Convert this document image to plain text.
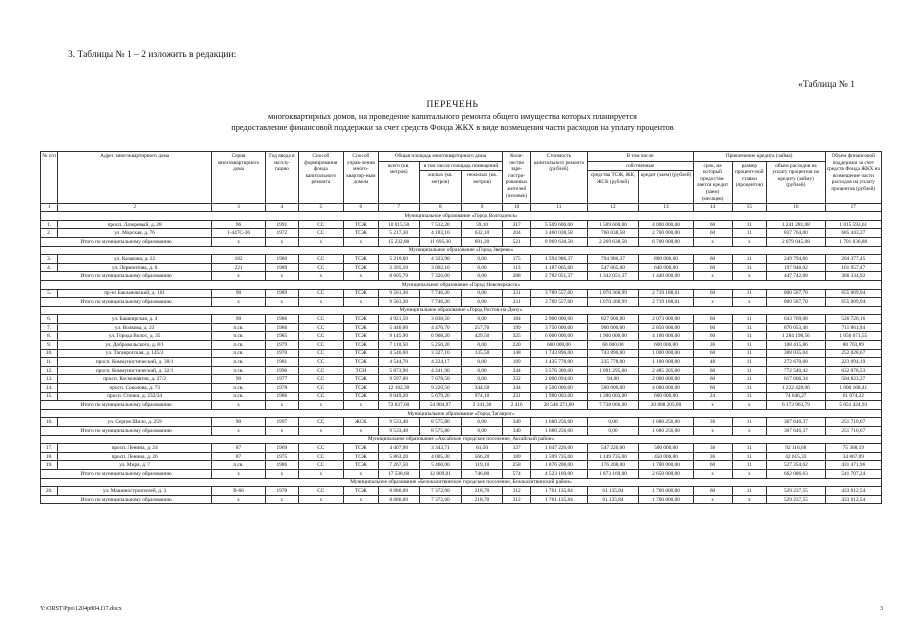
3. Таблицы № 1 – 2 изложить в редакции:
«Таблица № 1
ПЕРЕЧЕНЬ
многоквартирных домов, на проведение капитального ремонта общего имущества которых планируется
предоставление финансовой поддержки за счет средств Фонда ЖКХ в виде возмещения части расходов на уплату процентов
№ п/п	Адрес многоквартирного дома	Серия многоквартирного дома	Год ввода в эксплу-тацию	Способ формирования фонда капитального ремонта	Способ управ-ления много-квартир-ным домом	Общая площадь многоквартирного дома			Коли-чество заре-гистри-рованных жителей (человек)	Стоимость капитального ремонта (рублей)	В том числе		Привлечение кредита (займа)			Объем финансовой поддержки за счет средств Фонда ЖКХ на возмещение части расходов на уплату процентов (рублей)
						всего (кв. метров)	в том числе площадь помещений				собственные		срок, на который предостав-ляется кредит (заем) (месяцев)	размер процент-ной ставки (процентов)	объем расходов на уплату процентов по кредиту (займу) (рублей)	
							жилых (кв. метров)	нежилых (кв. метров)			средства ТСЖ, ЖК, ЖСК (рублей)	кредит (заем) (рублей)				

1	2	3	4	5	6	7	8	9	10	11	12	13	14	15	16	17
Муниципальное образование «Город Волгодонск»																
1.	просп. Лазоревый, д. 28	96	1991	СС	ТСЖ	10 015,50	7 512,20	59,10	317	5 509 600,00	1 509 600,00	4 000 000,00	60	11	1 241 281,08	1 015 593,61
2.	ул. Морская, д. 76	1-447С-36	1972	СС	ТСЖ	5 217,30	4 183,10	632,10	204	3 460 038,58	760 038,58	2 700 000,00	60	11	837 764,00	685 443,27
Итого по муниципальному образованию		х	х	х	х	15 232,80	11 695,30	691,20	521	8 969 638,58	2 269 638,58	6 700 000,00	х	х	2 079 045,08	1 701 036,88
Муниципальное образование «Город Зверево»																
3.	ул. Казакова, д. 22	182	1980	СС	ТСЖ	5 210,60	4 323,90	0,00	175	1 594 986,37	794 986,37	800 000,00	60	11	249 794,66	204 377,45
4.	ул. Лермонтова, д. 6	221	1989	СС	ТСЖ	3 395,10	3 002,10	0,00	113	1 187 065,00	547 065,00	640 000,00	60	11	197 948,02	161 957,47
Итого по муниципальному образованию		х	х	х	х	8 605,70	7 326,00	0,00	288	2 782 051,37	1 342 051,37	1 440 000,00	х	х	447 742,68	366 334,92
Муниципальное образование «Город Новочеркасск»																
5.	пр-кт Баклановский, д. 101	90	1989	СС	ТСЖ	9 561,30	7 746,20	0,00	331	3 789 557,00	1 070 368,99	2 719 188,01	60	11	800 567,70	655 009,94
Итого по муниципальному образованию		х	х	х	х	9 561,30	7 746,20	0,00	331	3 789 557,00	1 070 368,99	2 719 188,01	х	х	800 567,70	655 009,94
Муниципальное образование «Город Ростов-на-Дону»																
6.	ул. Башкирская, д. 4	90	1986	СС	ТСЖ	4 921,50	3 838,50	0,00	184	2 900 000,00	827 000,00	2 073 000,00	60	11	643 769,08	526 720,16
7.	ул. Волкова, д. 23	п.св.	1986	СС	ТСЖ	5 446,00	4 476,70	257,70	199	3 750 000,00	900 000,00	2 850 000,00	60	11	870 053,48	711 861,94
8.	ул. Города Волос, д. 35	п.св.	1985	СС	ТСЖ	9 145,90	6 968,20	429,50	325	6 000 000,00	1 900 000,00	4 100 000,00	60	11	1 284 198,56	1 050 671,55
9.	ул. Добровольского, д. 8/1	п.св.	1979	СС	ТСЖ	7 110,50	5 250,20	0,00	220	660 000,00	60 000,00	600 000,00	36	11	108 415,86	88 703,89
10.	ул. Таганрогская, д. 145/2	п.св.	1970	СС	ТСЖ	4 546,60	3 327,10	135,50	148	1 743 896,00	743 896,00	1 000 000,00	60	11	308 035,04	252 028,67
11.	просп. Коммунистический, д. 30/1	п.св.	1981	СС	ТСЖ	4 544,70	4 224,17	0,00	189	1 435 778,00	235 778,00	1 100 000,00	48	11	272 670,68	223 094,19
12.	просп. Коммунистический, д. 32/1	п.св.	1990	СС	ТСН	5 873,90	4 241,90	0,00	244	3 576 300,00	1 091 295,00	2 485 205,00	60	11	772 540,42	632 078,53
13.	просп. Космонавтов, д. 27/2	90	1977	СС	ТСЖ	9 597,00	7 678,50	0,00	332	2 000 094,00	94,00	2 000 000,00	60	11	617 006,34	504 823,37
14.	просп. Соколова, д. 73	п.св.	1978	СС	ТСЖ	12 102,30	9 220,50	344,50	344	4 500 000,00	500 000,00	4 000 000,00	60	11	1 222 428,06	1 000 168,41
15.	просп. Стачки, д. 232/34	п.св.	1986	СС	ТСЖ	9 049,20	5 679,20	974,10	231	1 980 003,00	1 380 003,00	600 000,00	24	11	74 646,27	61 074,22
Итого по муниципальному образованию		х	х	х	х	72 637,60	54 904,97	2 141,30	2 416	28 546 271,00	7 738 066,00	20 808 205,00	х	х	6 173 963,79	5 051 424,93
Муниципальное образование «Город Таганрог»																
16.	ул. Сергея Шило, д. 259	90	1997	СС	ЖСК	9 533,40	8 575,80	0,00	340	1 680 256,00	0,00	1 680 256,00	36	11	307 646,37	251 710,67
Итого по муниципальному образованию		х	х	х	х	9 533,40	8 575,80	0,00	340	1 680 256,00	0,00	1 680 256,00	х	х	307 646,37	251 710,67
Муниципальное образование «Аксайское городское поселение, Аксайский район»																
17.	просп. Ленина, д. 24	87	1969	СС	ТСЖ	4 407,90	3 343,71	61,50	127	1 047 226,00	547 226,00	500 000,00	36	11	92 116,68	75 368,19
18.	просп. Ленина, д. 26	87	1975	СС	ТСЖ	5 863,20	4 005,30	566,20	189	1 599 735,00	1 149 735,00	450 000,00	36	11	42 615,33	34 867,09
19.	ул. Мира, д. 7	п.св.	1986	СС	ТСЖ	7 267,50	5 460,00	119,10	258	1 876 208,00	176 208,00	1 700 000,00	60	11	527 354,62	431 471,96
Итого по муниципальному образованию		х	х	х	х	17 538,60	12 809,01	746,80	574	4 523 169,00	1 873 169,00	2 650 000,00	х	х	662 086,63	541 707,24
Муниципальное образование «Белокалитвинское городское поселение, Белокалитвинский район»																
20.	ул. Машиностроителей, д. 3	II-66	1978	СС	ТСЖ	8 086,00	7 372,60	218,70	312	1 761 135,84	61 135,84	1 700 000,00	60	11	529 237,55	433 012,54
Итого по муниципальному образованию		х	х	х	х	8 086,00	7 372,60	218,70	312	1 761 135,84	61 135,84	1 700 000,00	х	х	529 237,55	433 012,54
Y:\ORST\Ppo\1204p804.f17.docx	3
